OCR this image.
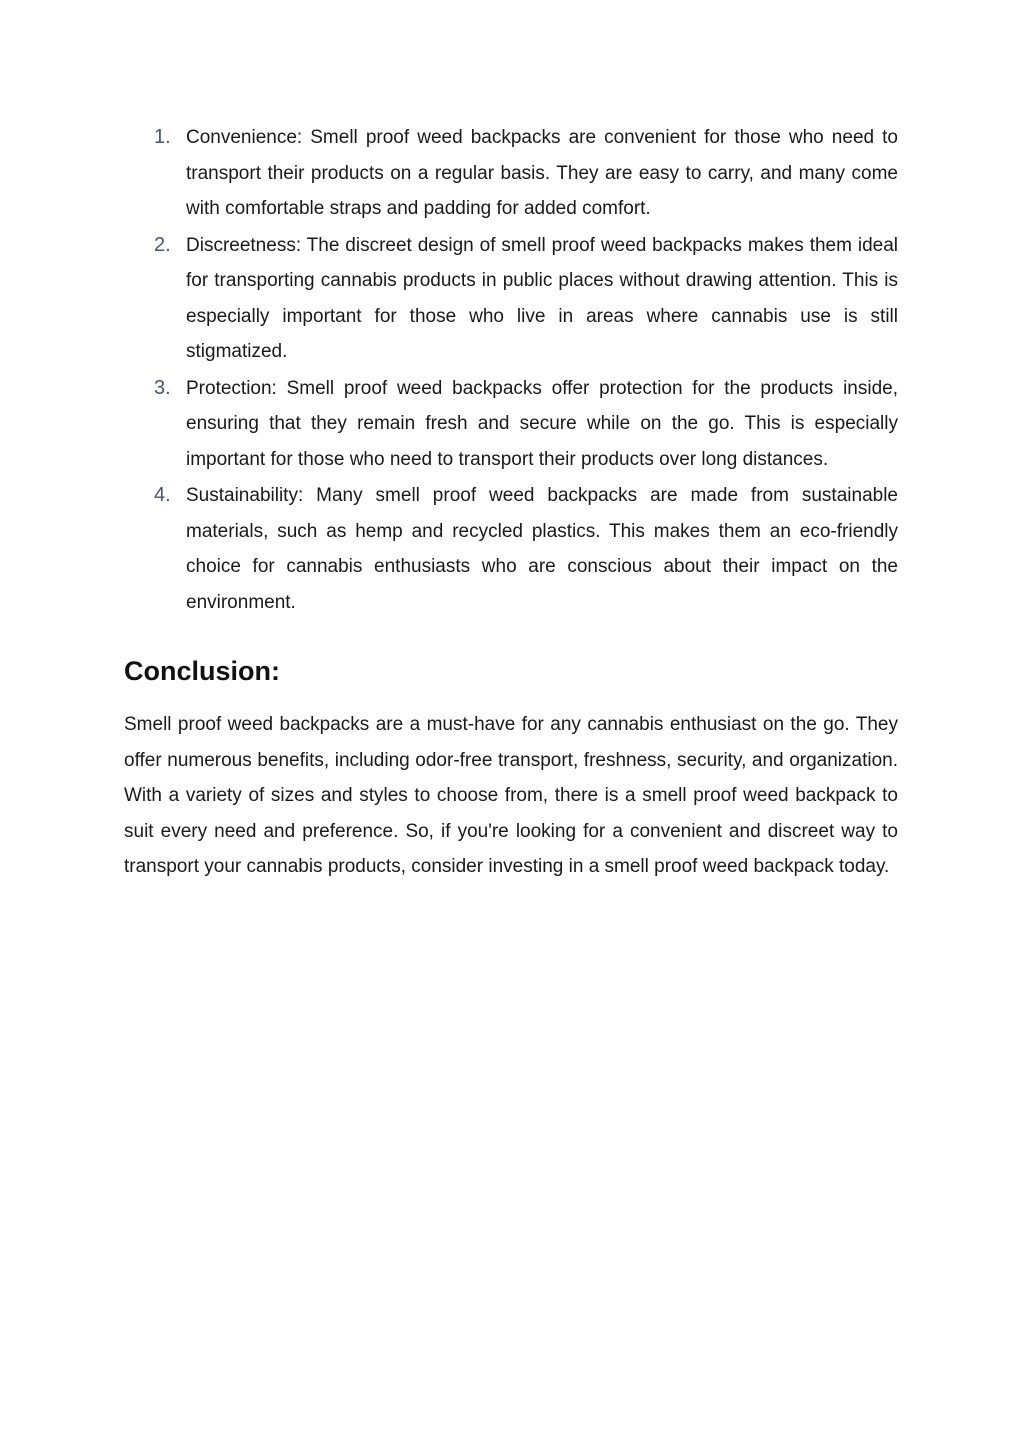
1. Convenience: Smell proof weed backpacks are convenient for those who need to transport their products on a regular basis. They are easy to carry, and many come with comfortable straps and padding for added comfort.
2. Discreetness: The discreet design of smell proof weed backpacks makes them ideal for transporting cannabis products in public places without drawing attention. This is especially important for those who live in areas where cannabis use is still stigmatized.
3. Protection: Smell proof weed backpacks offer protection for the products inside, ensuring that they remain fresh and secure while on the go. This is especially important for those who need to transport their products over long distances.
4. Sustainability: Many smell proof weed backpacks are made from sustainable materials, such as hemp and recycled plastics. This makes them an eco-friendly choice for cannabis enthusiasts who are conscious about their impact on the environment.
Conclusion:

Smell proof weed backpacks are a must-have for any cannabis enthusiast on the go. They offer numerous benefits, including odor-free transport, freshness, security, and organization. With a variety of sizes and styles to choose from, there is a smell proof weed backpack to suit every need and preference. So, if you're looking for a convenient and discreet way to transport your cannabis products, consider investing in a smell proof weed backpack today.
